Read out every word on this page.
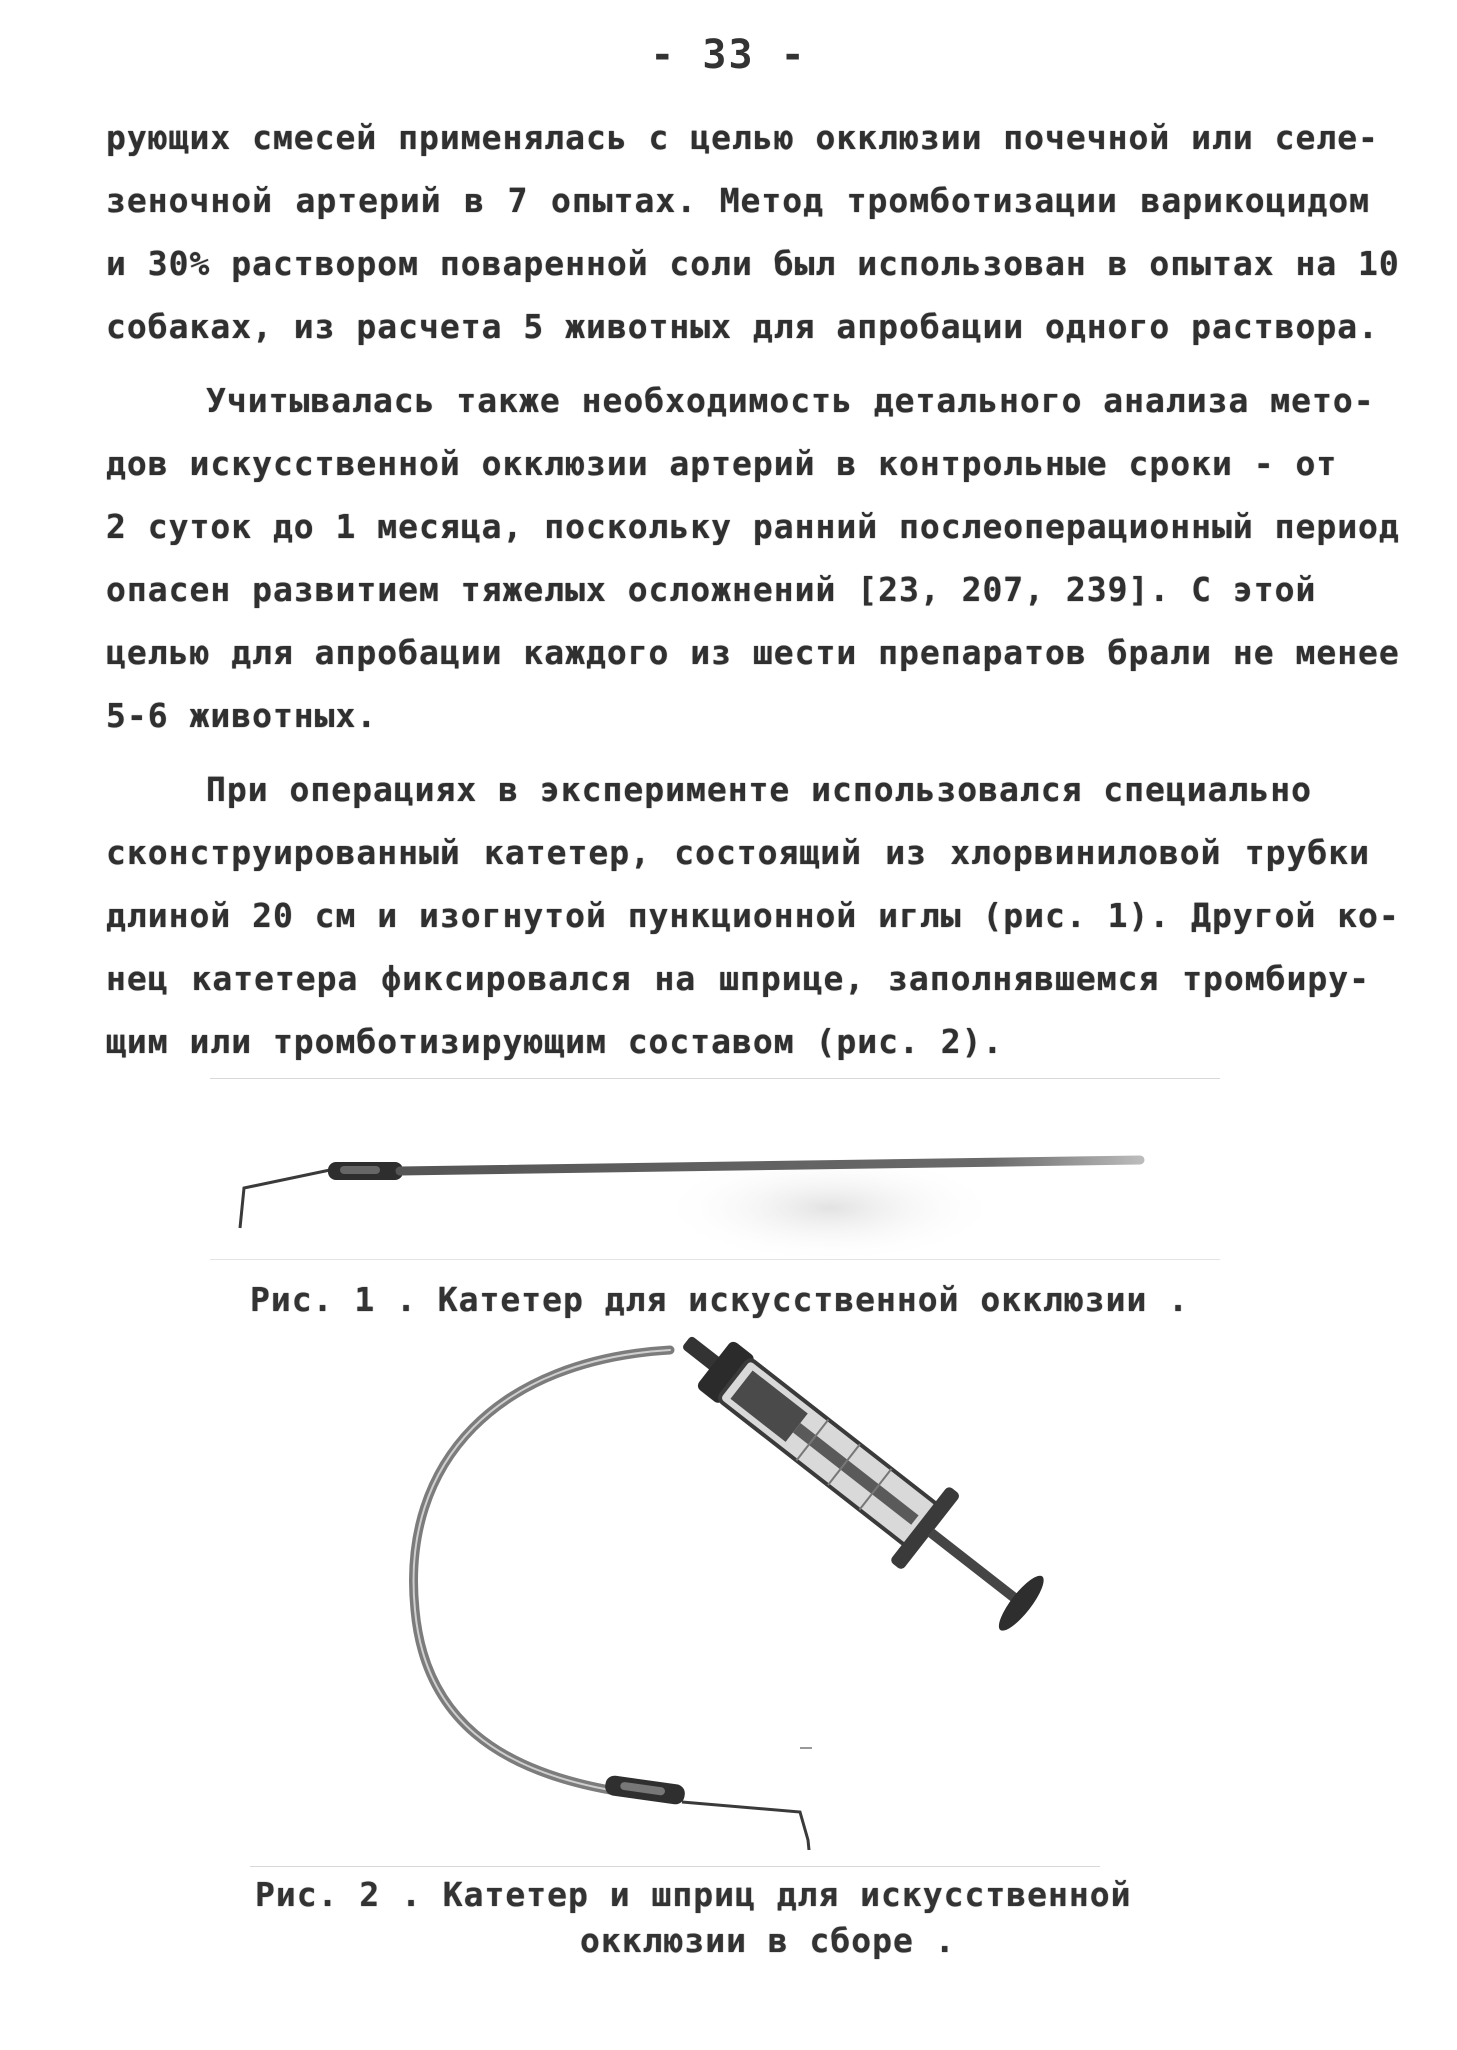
- 33 -
рующих смесей применялась с целью окклюзии почечной или селе-
зеночной артерий в 7 опытах. Метод тромботизации варикоцидом
и 30% раствором поваренной соли был использован в опытах на 10
собаках, из расчета 5 животных для апробации одного раствора.
Учитывалась также необходимость детального анализа мето-
дов искусственной окклюзии артерий в контрольные сроки - от
2 суток до 1 месяца, поскольку ранний послеоперационный период
опасен развитием тяжелых осложнений [23, 207, 239]. С этой
целью для апробации каждого из шести препаратов брали не менее
5-6 животных.
При операциях в эксперименте использовался специально
сконструированный катетер, состоящий из хлорвиниловой трубки
длиной 20 см и изогнутой пункционной иглы (рис. 1). Другой ко-
нец катетера фиксировался на шприце, заполнявшемся тромбиру-
щим или тромботизирующим составом (рис. 2).
Рис. 1 . Катетер для искусственной окклюзии .
Рис. 2 . Катетер и шприц для искусственной
окклюзии в сборе .
